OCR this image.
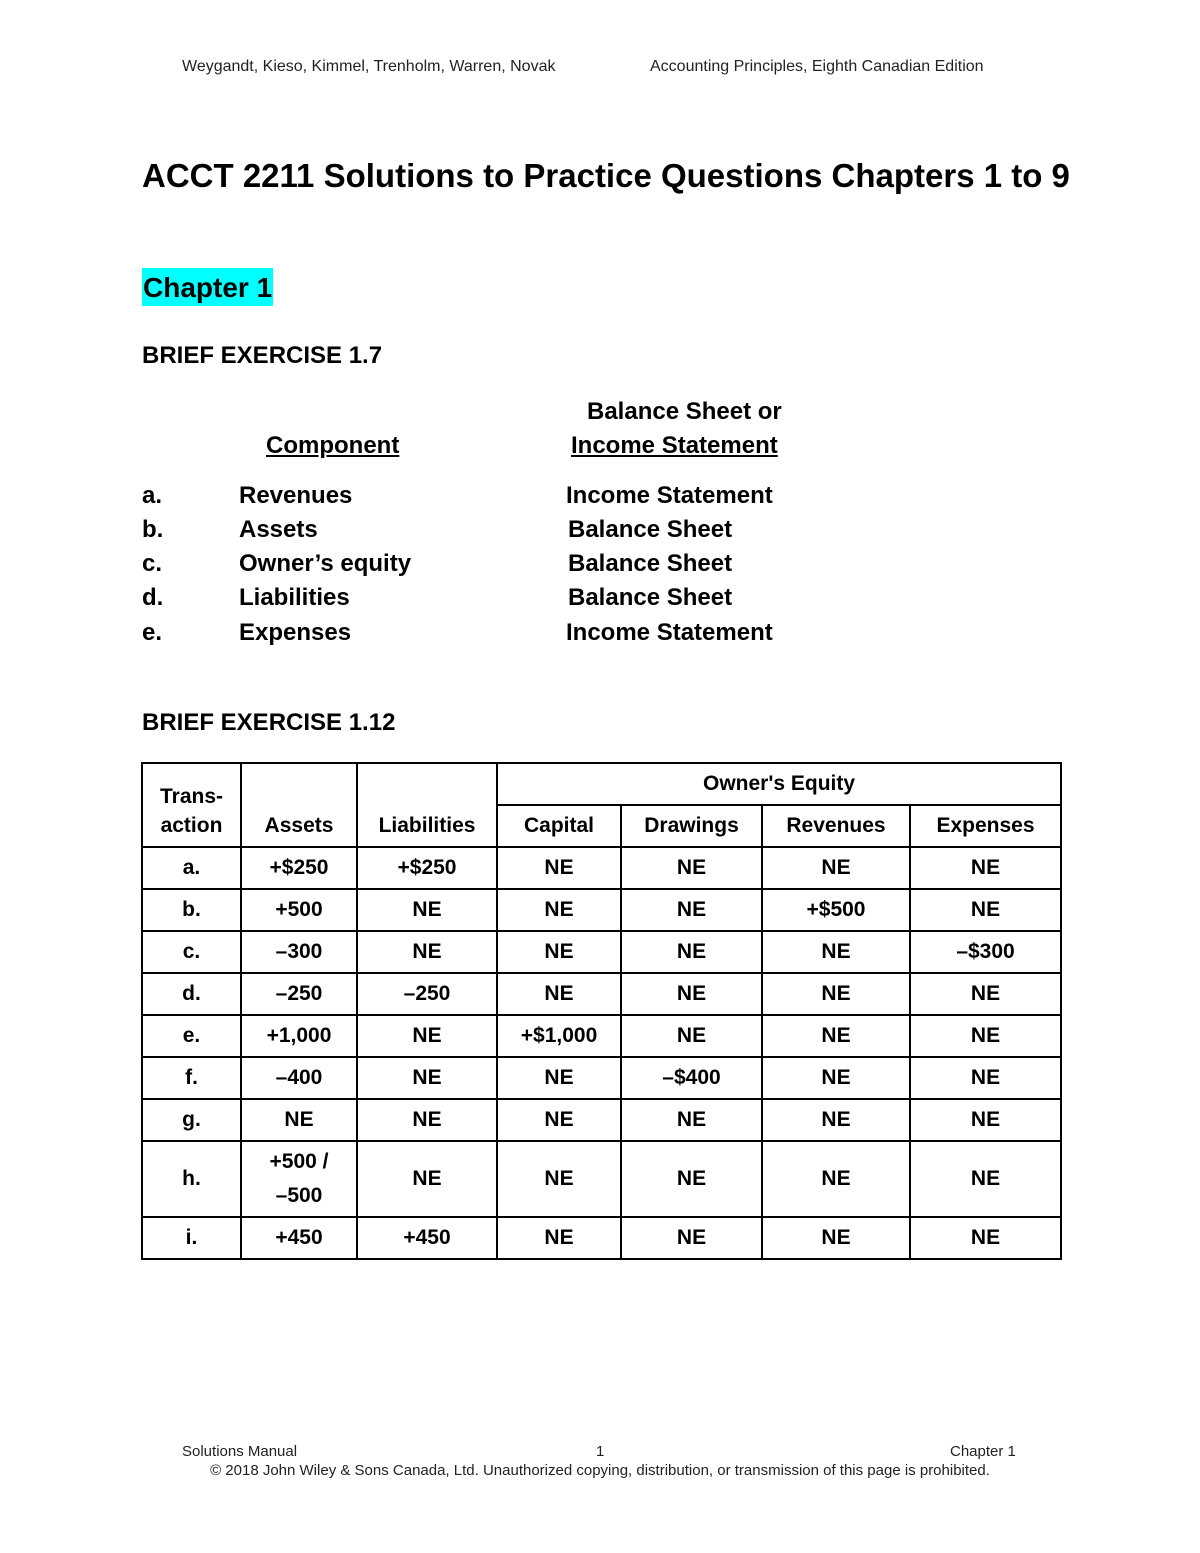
Weygandt, Kieso, Kimmel, Trenholm, Warren, Novak	Accounting Principles, Eighth Canadian Edition
ACCT 2211 Solutions to Practice Questions Chapters 1 to 9
Chapter 1
BRIEF EXERCISE 1.7
Balance Sheet or
Component	Income Statement
a.	Revenues	Income Statement
b.	Assets	Balance Sheet
c.	Owner’s equity	Balance Sheet
d.	Liabilities	Balance Sheet
e.	Expenses	Income Statement
BRIEF EXERCISE 1.12
Trans-
action	Assets	Liabilities	Owner's Equity			
			Capital	Drawings	Revenues	Expenses
a.	+$250	+$250	NE	NE	NE	NE
b.	+500	NE	NE	NE	+$500	NE
c.	–300	NE	NE	NE	NE	–$300
d.	–250	–250	NE	NE	NE	NE
e.	+1,000	NE	+$1,000	NE	NE	NE
f.	–400	NE	NE	–$400	NE	NE
g.	NE	NE	NE	NE	NE	NE
h.	+500 /
–500	NE	NE	NE	NE	NE
i.	+450	+450	NE	NE	NE	NE
Solutions Manual	1	Chapter 1
© 2018 John Wiley & Sons Canada, Ltd. Unauthorized copying, distribution, or transmission of this page is prohibited.
